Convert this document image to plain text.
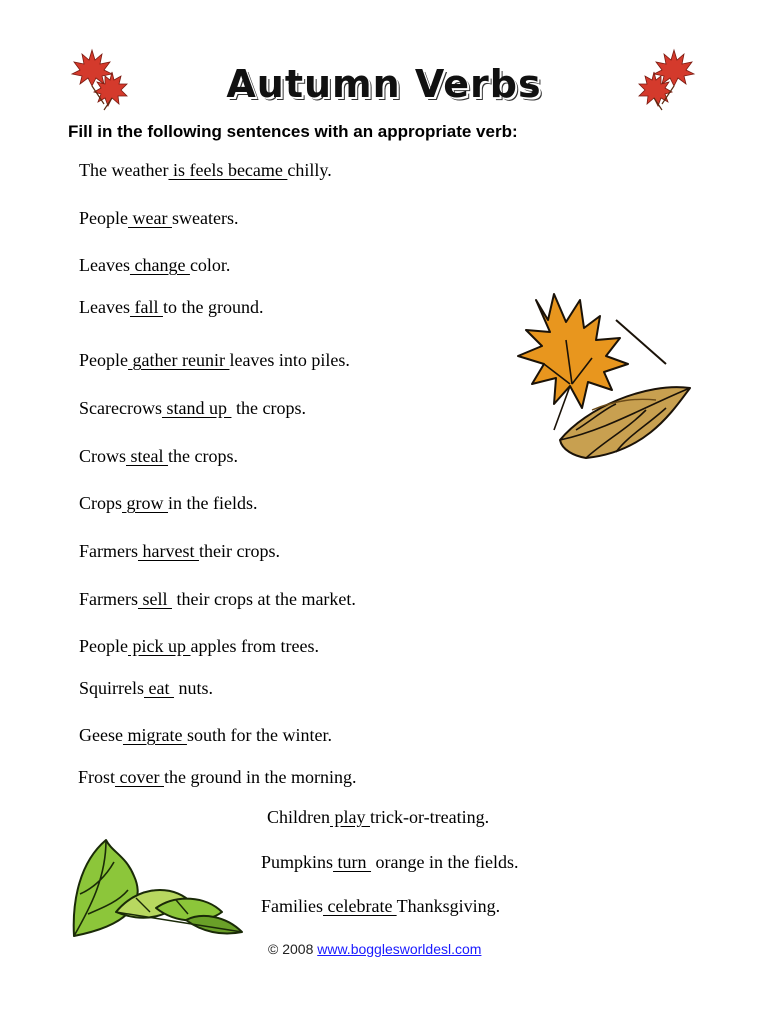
Autumn Verbs
Fill in the following sentences with an appropriate verb:
The weather is feels became chilly.
People wear sweaters.
Leaves change color.
Leaves fall to the ground.
People gather reunir leaves into piles.
Scarecrows stand up  the crops.
Crows steal the crops.
Crops grow in the fields.
Farmers harvest their crops.
Farmers sell  their crops at the market.
People pick up apples from trees.
Squirrels eat  nuts.
Geese migrate south for the winter.
Frost cover the ground in the morning.
Children play trick-or-treating.
Pumpkins turn  orange in the fields.
Families celebrate Thanksgiving.
© 2008 www.bogglesworldesl.com
